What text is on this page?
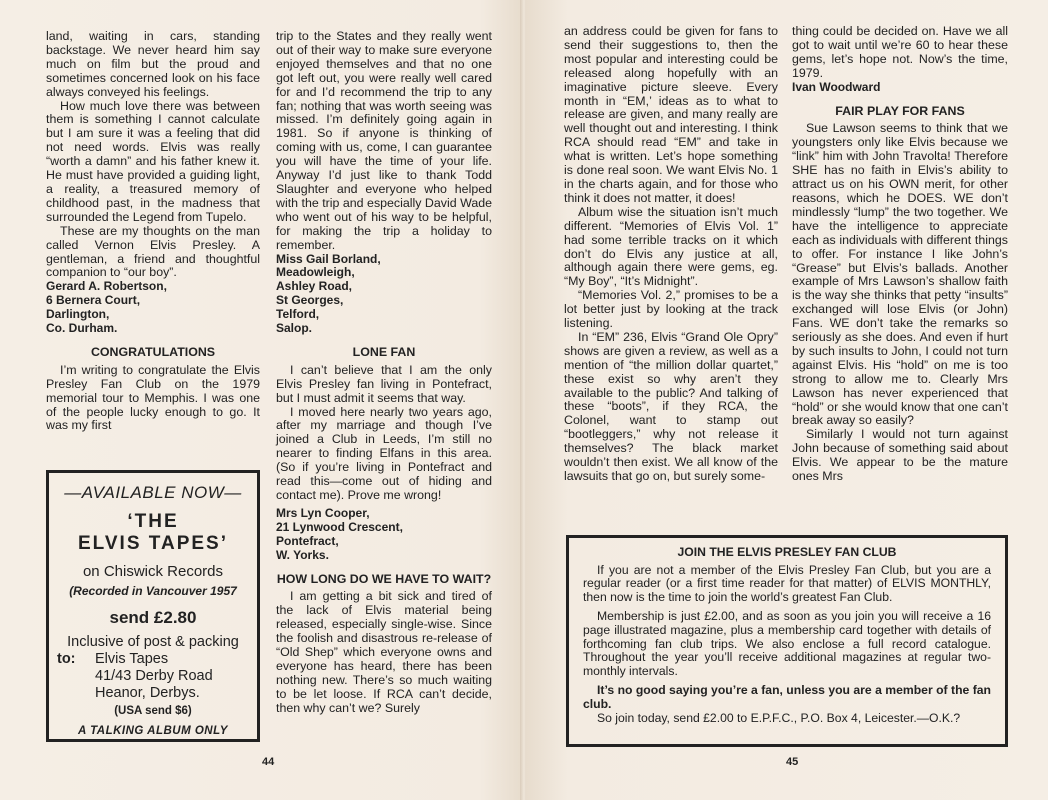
land, waiting in cars, standing backstage. We never heard him say much on film but the proud and sometimes concerned look on his face always conveyed his feelings.

How much love there was between them is something I cannot calculate but I am sure it was a feeling that did not need words. Elvis was really “worth a damn” and his father knew it. He must have provided a guiding light, a reality, a treasured memory of childhood past, in the madness that surrounded the Legend from Tupelo.

These are my thoughts on the man called Vernon Elvis Presley. A gentleman, a friend and thoughtful companion to “our boy”.

Gerard A. Robertson,
6 Bernera Court,
Darlington,
Co. Durham.
CONGRATULATIONS

I’m writing to congratulate the Elvis Presley Fan Club on the 1979 memorial tour to Memphis. I was one of the people lucky enough to go. It was my first

trip to the States and they really went out of their way to make sure everyone enjoyed themselves and that no one got left out, you were really well cared for and I’d recommend the trip to any fan; nothing that was worth seeing was missed. I’m definitely going again in 1981. So if anyone is thinking of coming with us, come, I can guarantee you will have the time of your life. Anyway I’d just like to thank Todd Slaughter and everyone who helped with the trip and especially David Wade who went out of his way to be helpful, for making the trip a holiday to remember.

Miss Gail Borland,
Meadowleigh,
Ashley Road,
St Georges,
Telford,
Salop.
LONE FAN

I can’t believe that I am the only Elvis Presley fan living in Pontefract, but I must admit it seems that way.

I moved here nearly two years ago, after my marriage and though I’ve joined a Club in Leeds, I’m still no nearer to finding Elfans in this area. (So if you’re living in Pontefract and read this—come out of hiding and contact me). Prove me wrong!

Mrs Lyn Cooper,
21 Lynwood Crescent,
Pontefract,
W. Yorks.
HOW LONG DO WE HAVE TO WAIT?

I am getting a bit sick and tired of the lack of Elvis material being released, especially single-wise. Since the foolish and disastrous re-release of “Old Shep” which everyone owns and everyone has heard, there has been nothing new. There’s so much waiting to be let loose. If RCA can’t decide, then why can’t we? Surely

—AVAILABLE NOW—
‘THE
ELVIS TAPES’
on Chiswick Records
(Recorded in Vancouver 1957
send £2.80
Inclusive of post & packing
to: Elvis Tapes
41/43 Derby Road
Heanor, Derbys.
(USA send $6)
A TALKING ALBUM ONLY
44

an address could be given for fans to send their suggestions to, then the most popular and interesting could be released along hopefully with an imaginative picture sleeve. Every month in “EM,’ ideas as to what to release are given, and many really are well thought out and interesting. I think RCA should read “EM” and take in what is written. Let’s hope something is done real soon. We want Elvis No. 1 in the charts again, and for those who think it does not matter, it does!

Album wise the situation isn’t much different. “Memories of Elvis Vol. 1” had some terrible tracks on it which don’t do Elvis any justice at all, although again there were gems, eg. “My Boy”, “It’s Midnight”.

“Memories Vol. 2,” promises to be a lot better just by looking at the track listening.

In “EM” 236, Elvis “Grand Ole Opry” shows are given a review, as well as a mention of “the million dollar quartet,” these exist so why aren’t they available to the public? And talking of these “boots”, if they RCA, the Colonel, want to stamp out “bootleggers,” why not release it themselves? The black market wouldn’t then exist. We all know of the lawsuits that go on, but surely some-

thing could be decided on. Have we all got to wait until we’re 60 to hear these gems, let’s hope not. Now’s the time, 1979.

Ivan Woodward
FAIR PLAY FOR FANS

Sue Lawson seems to think that we youngsters only like Elvis because we “link” him with John Travolta! Therefore SHE has no faith in Elvis’s ability to attract us on his OWN merit, for other reasons, which he DOES. WE don’t mindlessly “lump” the two together. We have the intelligence to appreciate each as individuals with different things to offer. For instance I like John’s “Grease” but Elvis’s ballads. Another example of Mrs Lawson’s shallow faith is the way she thinks that petty “insults” exchanged will lose Elvis (or John) Fans. WE don’t take the remarks so seriously as she does. And even if hurt by such insults to John, I could not turn against Elvis. His “hold” on me is too strong to allow me to. Clearly Mrs Lawson has never experienced that “hold” or she would know that one can’t break away so easily?

Similarly I would not turn against John because of something said about Elvis. We appear to be the mature ones Mrs

JOIN THE ELVIS PRESLEY FAN CLUB

If you are not a member of the Elvis Presley Fan Club, but you are a regular reader (or a first time reader for that matter) of ELVIS MONTHLY, then now is the time to join the world’s greatest Fan Club.

Membership is just £2.00, and as soon as you join you will receive a 16 page illustrated magazine, plus a membership card together with details of forthcoming fan club trips. We also enclose a full record catalogue. Throughout the year you’ll receive additional magazines at regular two-monthly intervals.

It’s no good saying you’re a fan, unless you are a member of the fan club.

So join today, send £2.00 to E.P.F.C., P.O. Box 4, Leicester.—O.K.?

45
